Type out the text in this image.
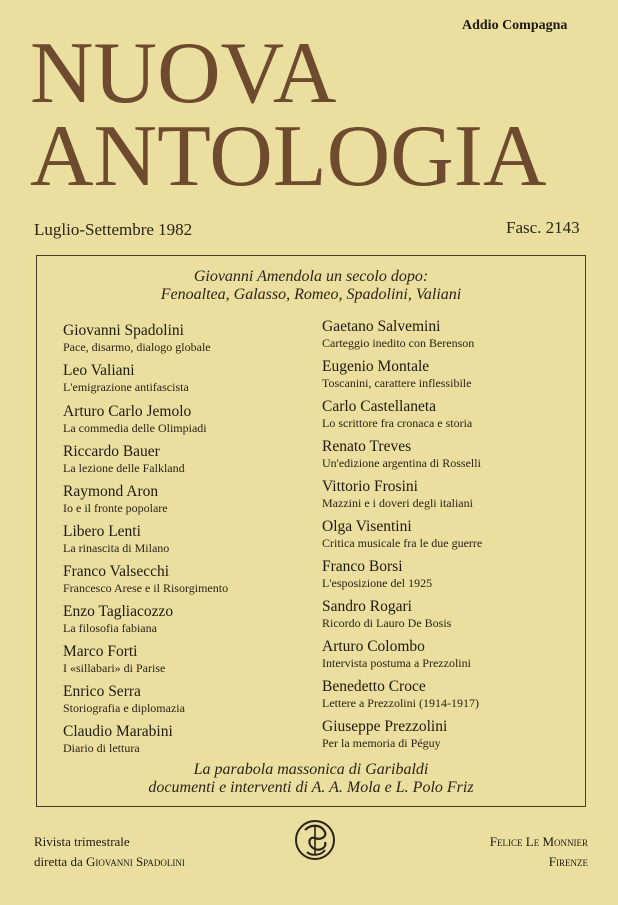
Addio Compagna
NUOVA
ANTOLOGIA
Luglio-Settembre 1982	Fasc. 2143
Giovanni Amendola un secolo dopo:
Fenoaltea, Galasso, Romeo, Spadolini, Valiani
Giovanni Spadolini
Pace, disarmo, dialogo globale
Leo Valiani
L'emigrazione antifascista
Arturo Carlo Jemolo
La commedia delle Olimpiadi
Riccardo Bauer
La lezione delle Falkland
Raymond Aron
Io e il fronte popolare
Libero Lenti
La rinascita di Milano
Franco Valsecchi
Francesco Arese e il Risorgimento
Enzo Tagliacozzo
La filosofia fabiana
Marco Forti
I «sillabari» di Parise
Enrico Serra
Storiografia e diplomazia
Claudio Marabini
Diario di lettura
Gaetano Salvemini
Carteggio inedito con Berenson
Eugenio Montale
Toscanini, carattere inflessibile
Carlo Castellaneta
Lo scrittore fra cronaca e storia
Renato Treves
Un'edizione argentina di Rosselli
Vittorio Frosini
Mazzini e i doveri degli italiani
Olga Visentini
Critica musicale fra le due guerre
Franco Borsi
L'esposizione del 1925
Sandro Rogari
Ricordo di Lauro De Bosis
Arturo Colombo
Intervista postuma a Prezzolini
Benedetto Croce
Lettere a Prezzolini (1914-1917)
Giuseppe Prezzolini
Per la memoria di Péguy
La parabola massonica di Garibaldi
documenti e interventi di A. A. Mola e L. Polo Friz
Rivista trimestrale
diretta da Giovanni Spadolini
Felice Le Monnier
Firenze
